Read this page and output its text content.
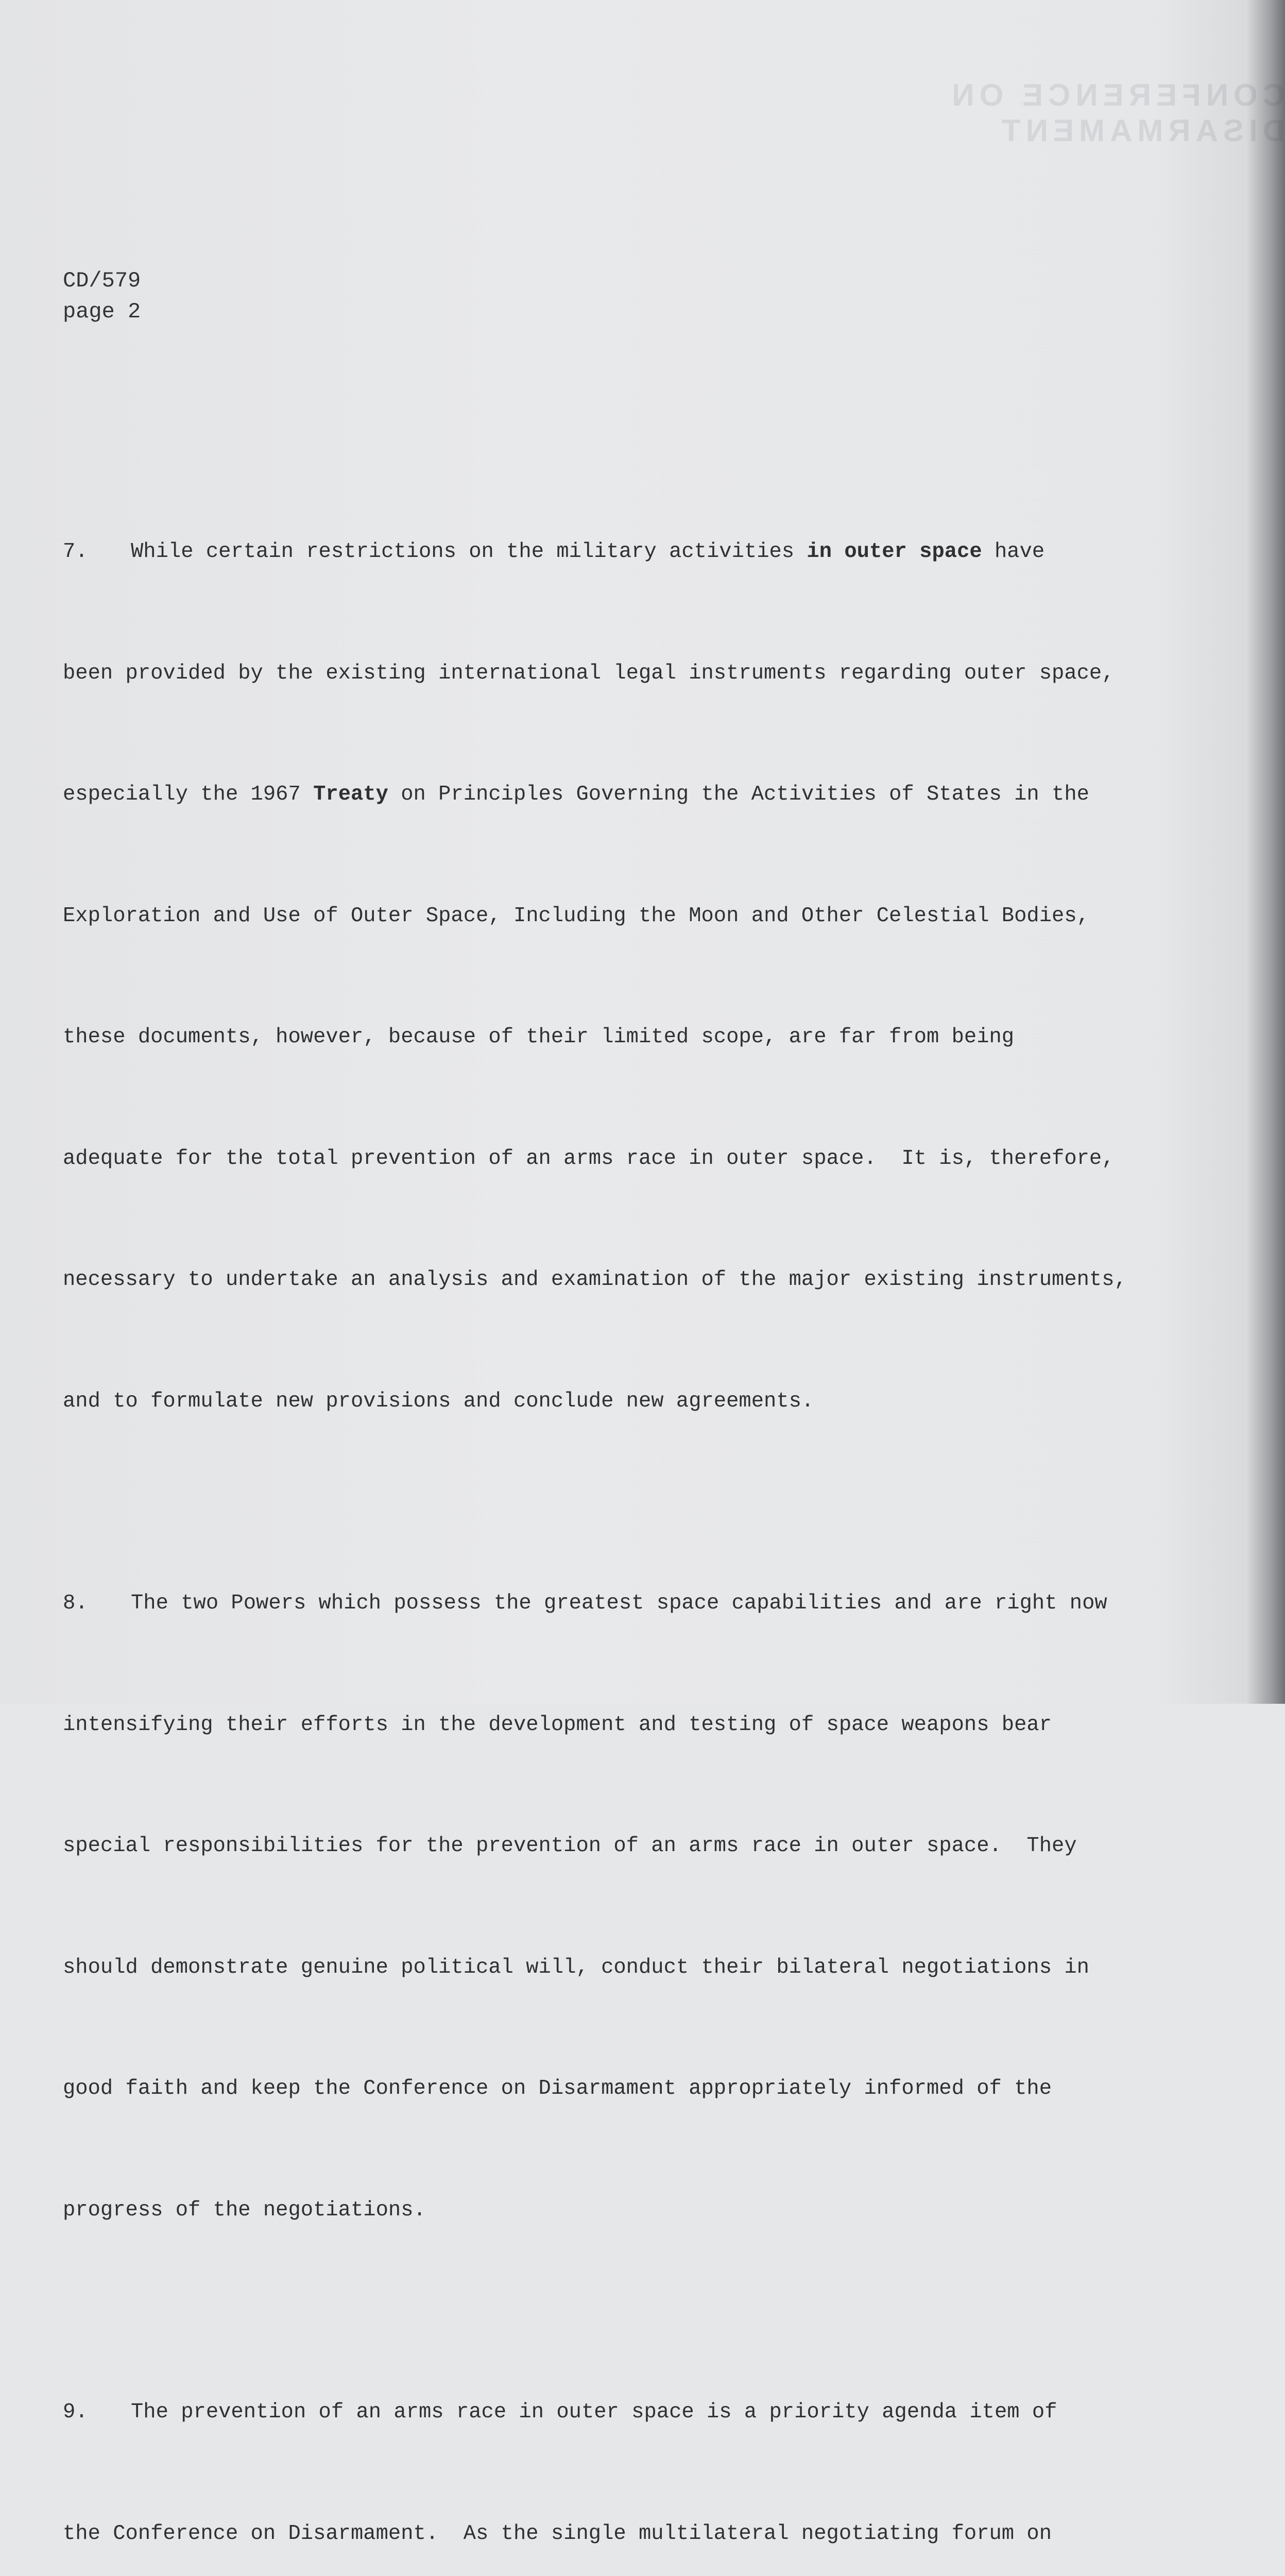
CONFERENCE ON DISARMAMENT
CD/579
page 2

7. While certain restrictions on the military activities in outer space have

been provided by the existing international legal instruments regarding outer space,

especially the 1967 Treaty on Principles Governing the Activities of States in the

Exploration and Use of Outer Space, Including the Moon and Other Celestial Bodies,

these documents, however, because of their limited scope, are far from being

adequate for the total prevention of an arms race in outer space.  It is, therefore,

necessary to undertake an analysis and examination of the major existing instruments,

and to formulate new provisions and conclude new agreements.

8. The two Powers which possess the greatest space capabilities and are right now

intensifying their efforts in the development and testing of space weapons bear

special responsibilities for the prevention of an arms race in outer space.  They

should demonstrate genuine political will, conduct their bilateral negotiations in

good faith and keep the Conference on Disarmament appropriately informed of the

progress of the negotiations.

9. The prevention of an arms race in outer space is a priority agenda item of

the Conference on Disarmament.  As the single multilateral negotiating forum on
